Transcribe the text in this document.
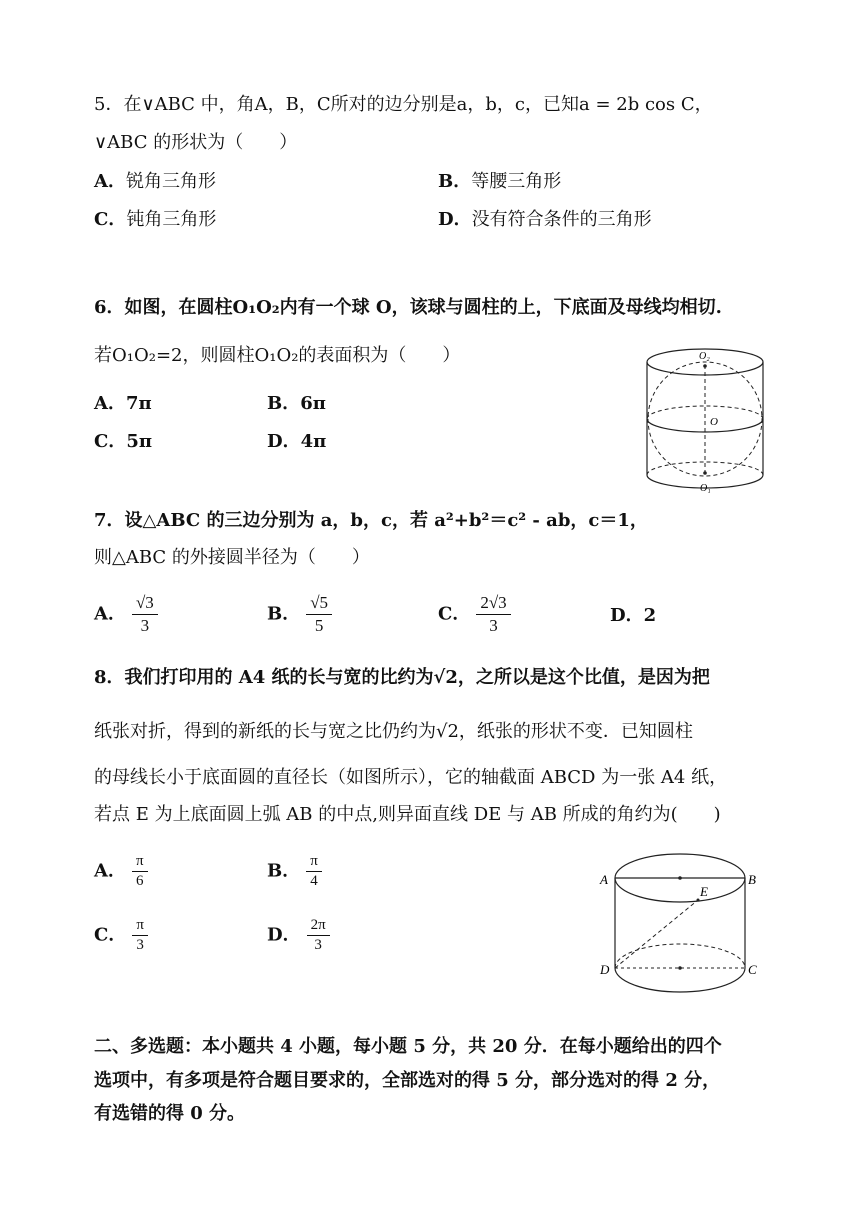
5．在∨ABC 中，角A，B，C所对的边分别是a，b，c，已知a = 2b cos C，
∨ABC 的形状为（　　）
A．锐角三角形	B．等腰三角形
C．钝角三角形	D．没有符合条件的三角形
6．如图，在圆柱O₁O₂内有一个球 O，该球与圆柱的上，下底面及母线均相切.
若O₁O₂=2，则圆柱O₁O₂的表面积为（　　）
A．7π	B．6π
C．5π	D．4π
O₂
O
O₁
7．设△ABC 的三边分别为 a，b，c，若 a²+b²＝c² - ab，c＝1，
则△ABC 的外接圆半径为（　　）
A． $\frac{√3}{3}$	B． $\frac{√5}{5}$	C． $\frac{2√3}{3}$	D．2
8．我们打印用的 A4 纸的长与宽的比约为√2，之所以是这个比值，是因为把
纸张对折，得到的新纸的长与宽之比仍约为√2，纸张的形状不变．已知圆柱
的母线长小于底面圆的直径长（如图所示），它的轴截面 ABCD 为一张 A4 纸，
若点 E 为上底面圆上弧 AB 的中点,则异面直线 DE 与 AB 所成的角约为(　　)
A． $\frac{\pi}{6}$	B． $\frac{\pi}{4}$
C． $\frac{\pi}{3}$	D． $\frac{2\pi}{3}$
A	B
E
D	C
二、多选题：本小题共 4 小题，每小题 5 分，共 20 分．在每小题给出的四个
选项中，有多项是符合题目要求的，全部选对的得 5 分，部分选对的得 2 分，
有选错的得 0 分。
